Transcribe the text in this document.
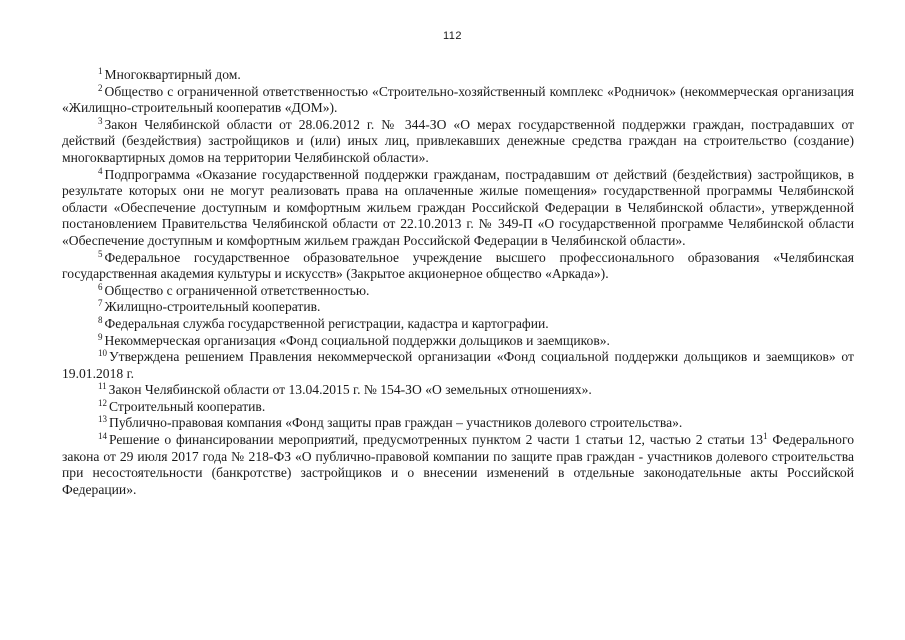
112

$^1$ Многоквартирный дом.

$^2$ Общество с ограниченной ответственностью «Строительно-хозяйственный комплекс «Родничок» (некоммерческая организация «Жилищно-строительный кооператив «ДОМ»).

$^3$ Закон Челябинской области от 28.06.2012 г. № 344-ЗО «О мерах государственной поддержки граждан, пострадавших от действий (бездействия) застройщиков и (или) иных лиц, привлекавших денежные средства граждан на строительство (создание) многоквартирных домов на территории Челябинской области».

$^4$ Подпрограмма «Оказание государственной поддержки гражданам, пострадавшим от действий (бездействия) застройщиков, в результате которых они не могут реализовать права на оплаченные жилые помещения» государственной программы Челябинской области «Обеспечение доступным и комфортным жильем граждан Российской Федерации в Челябинской области», утвержденной постановлением Правительства Челябинской области от 22.10.2013 г. № 349-П «О государственной программе Челябинской области «Обеспечение доступным и комфортным жильем граждан Российской Федерации в Челябинской области».

$^5$ Федеральное государственное образовательное учреждение высшего профессионального образования «Челябинская государственная академия культуры и искусств» (Закрытое акционерное общество «Аркада»).

$^6$ Общество с ограниченной ответственностью.

$^7$ Жилищно-строительный кооператив.

$^8$ Федеральная служба государственной регистрации, кадастра и картографии.

$^9$ Некоммерческая организация «Фонд социальной поддержки дольщиков и заемщиков».

$^{10}$ Утверждена решением Правления некоммерческой организации «Фонд социальной поддержки дольщиков и заемщиков» от 19.01.2018 г.

$^{11}$ Закон Челябинской области от 13.04.2015 г. № 154-ЗО «О земельных отношениях».

$^{12}$ Строительный кооператив.

$^{13}$ Публично-правовая компания «Фонд защиты прав граждан – участников долевого строительства».

$^{14}$ Решение о финансировании мероприятий, предусмотренных пунктом 2 части 1 статьи 12, частью 2 статьи $13^1$ Федерального закона от 29 июля 2017 года № 218-ФЗ «О публично-правовой компании по защите прав граждан - участников долевого строительства при несостоятельности (банкротстве) застройщиков и о внесении изменений в отдельные законодательные акты Российской Федерации».
